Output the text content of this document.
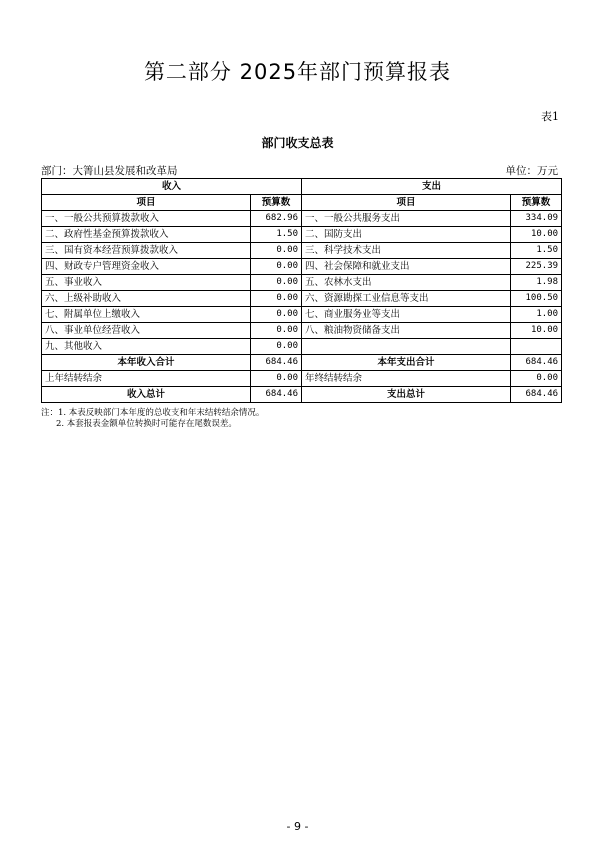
第二部分 2025年部门预算报表
表1
部门收支总表
部门：大箐山县发展和改革局	单位：万元
收入		支出	
项目	预算数	项目	预算数
一、一般公共预算拨款收入	682.96	一、一般公共服务支出	334.09
二、政府性基金预算拨款收入	1.50	二、国防支出	10.00
三、国有资本经营预算拨款收入	0.00	三、科学技术支出	1.50
四、财政专户管理资金收入	0.00	四、社会保障和就业支出	225.39
五、事业收入	0.00	五、农林水支出	1.98
六、上级补助收入	0.00	六、资源勘探工业信息等支出	100.50
七、附属单位上缴收入	0.00	七、商业服务业等支出	1.00
八、事业单位经营收入	0.00	八、粮油物资储备支出	10.00
九、其他收入	0.00		
本年收入合计	684.46	本年支出合计	684.46
上年结转结余	0.00	年终结转结余	0.00
收入总计	684.46	支出总计	684.46
注：1. 本表反映部门本年度的总收支和年末结转结余情况。
2. 本套报表金额单位转换时可能存在尾数误差。
- 9 -
